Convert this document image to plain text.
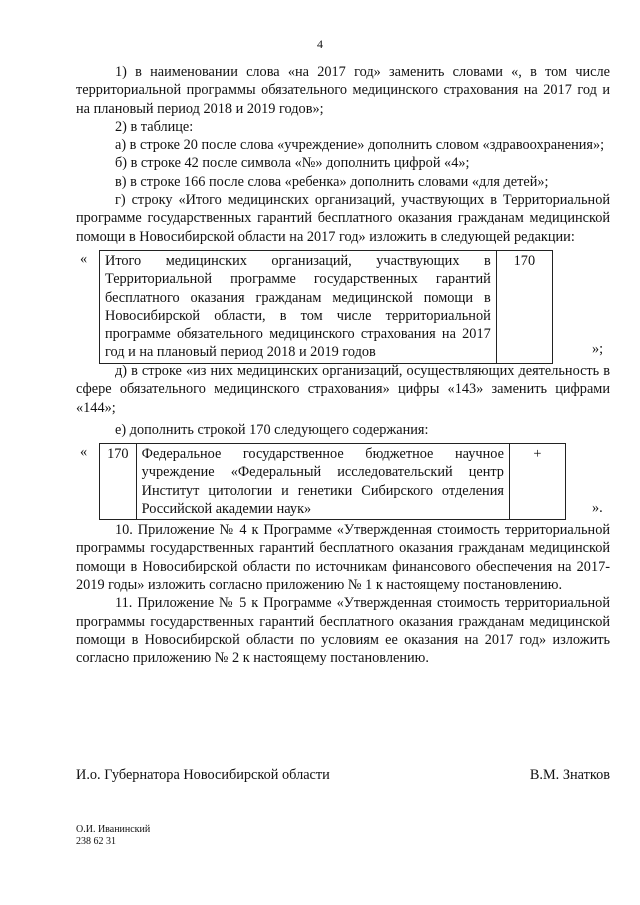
4

1) в наименовании слова «на 2017 год» заменить словами «, в том числе территориальной программы обязательного медицинского страхования на 2017 год и на плановый период 2018 и 2019 годов»;

2) в таблице:

а) в строке 20 после слова «учреждение» дополнить словом «здравоохранения»;

б) в строке 42 после символа «№» дополнить цифрой «4»;

в) в строке 166 после слова «ребенка» дополнить словами «для детей»;

г) строку «Итого медицинских организаций, участвующих в Территориальной программе государственных гарантий бесплатного оказания гражданам медицинской помощи в Новосибирской области на 2017 год» изложить в следующей редакции:

« Итого медицинских организаций, участвующих в Территориальной программе государственных гарантий бесплатного оказания гражданам медицинской помощи в Новосибирской области, в том числе территориальной программе обязательного медицинского страхования на 2017 год и на плановый период 2018 и 2019 годов	170
»;

д) в строке «из них медицинских организаций, осуществляющих деятельность в сфере обязательного медицинского страхования» цифры «143» заменить цифрами «144»;

е) дополнить строкой 170 следующего содержания:

« 170	Федеральное государственное бюджетное научное учреждение «Федеральный исследовательский центр Институт цитологии и генетики Сибирского отделения Российской академии наук»	+
».

10. Приложение № 4 к Программе «Утвержденная стоимость территориальной программы государственных гарантий бесплатного оказания гражданам медицинской помощи в Новосибирской области по источникам финансового обеспечения на 2017-2019 годы» изложить согласно приложению № 1 к настоящему постановлению.

11. Приложение № 5 к Программе «Утвержденная стоимость территориальной программы государственных гарантий бесплатного оказания гражданам медицинской помощи в Новосибирской области по условиям ее оказания на 2017 год» изложить согласно приложению № 2 к настоящему постановлению.

И.о. Губернатора Новосибирской области	В.М. Знатков
О.И. Иванинский
238 62 31
